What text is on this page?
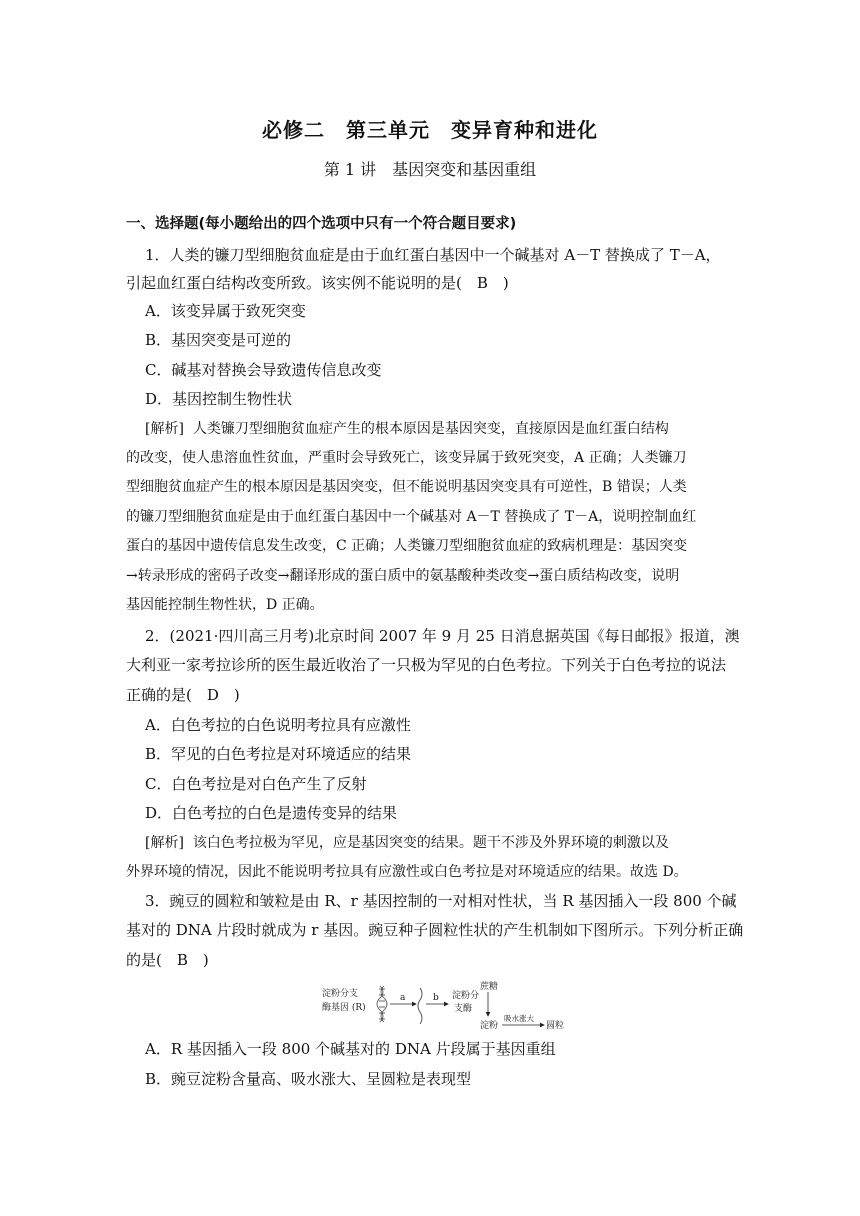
必修二　第三单元　变异育种和进化
第 1 讲　基因突变和基因重组
一、选择题(每小题给出的四个选项中只有一个符合题目要求)
1．人类的镰刀型细胞贫血症是由于血红蛋白基因中一个碱基对 A－T 替换成了 T－A，
引起血红蛋白结构改变所致。该实例不能说明的是(　B　)
A．该变异属于致死突变
B．基因突变是可逆的
C．碱基对替换会导致遗传信息改变
D．基因控制生物性状
[解析] 人类镰刀型细胞贫血症产生的根本原因是基因突变，直接原因是血红蛋白结构
的改变，使人患溶血性贫血，严重时会导致死亡，该变异属于致死突变，A 正确；人类镰刀
型细胞贫血症产生的根本原因是基因突变，但不能说明基因突变具有可逆性，B 错误；人类
的镰刀型细胞贫血症是由于血红蛋白基因中一个碱基对 A－T 替换成了 T－A，说明控制血红
蛋白的基因中遗传信息发生改变，C 正确；人类镰刀型细胞贫血症的致病机理是：基因突变
→转录形成的密码子改变→翻译形成的蛋白质中的氨基酸种类改变→蛋白质结构改变，说明
基因能控制生物性状，D 正确。
2．(2021·四川高三月考)北京时间 2007 年 9 月 25 日消息据英国《每日邮报》报道，澳
大利亚一家考拉诊所的医生最近收治了一只极为罕见的白色考拉。下列关于白色考拉的说法
正确的是(　D　)
A．白色考拉的白色说明考拉具有应激性
B．罕见的白色考拉是对环境适应的结果
C．白色考拉是对白色产生了反射
D．白色考拉的白色是遗传变异的结果
[解析] 该白色考拉极为罕见，应是基因突变的结果。题干不涉及外界环境的刺激以及
外界环境的情况，因此不能说明考拉具有应激性或白色考拉是对环境适应的结果。故选 D。
3．豌豆的圆粒和皱粒是由 R、r 基因控制的一对相对性状，当 R 基因插入一段 800 个碱
基对的 DNA 片段时就成为 r 基因。豌豆种子圆粒性状的产生机制如下图所示。下列分析正确
的是(　B　)
淀粉分支
酶基因 (R)
a	b 淀粉分
支酶
蔗糖
淀粉
吸水涨大
圆粒
A．R 基因插入一段 800 个碱基对的 DNA 片段属于基因重组
B．豌豆淀粉含量高、吸水涨大、呈圆粒是表现型
